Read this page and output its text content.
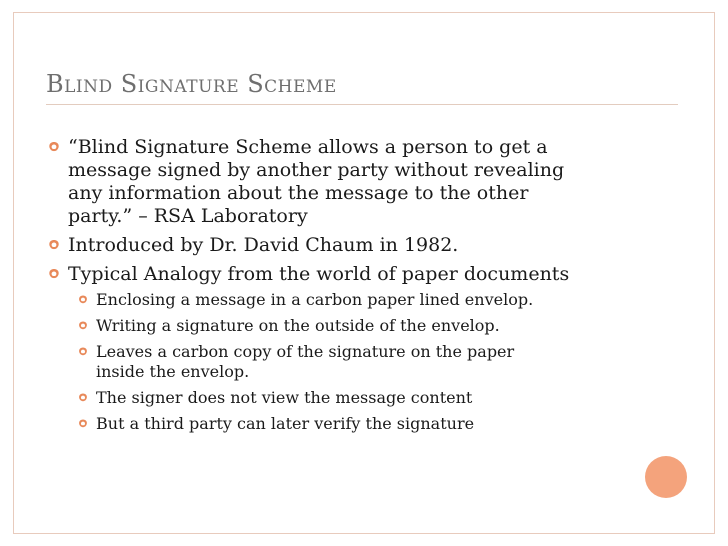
Blind Signature Scheme
“Blind Signature Scheme allows a person to get a
message signed by another party without revealing
any information about the message to the other
party.” – RSA Laboratory
Introduced by Dr. David Chaum in 1982.
Typical Analogy from the world of paper documents
Enclosing a message in a carbon paper lined envelop.
Writing a signature on the outside of the envelop.
Leaves a carbon copy of the signature on the paper
inside the envelop.
The signer does not view the message content
But a third party can later verify the signature
